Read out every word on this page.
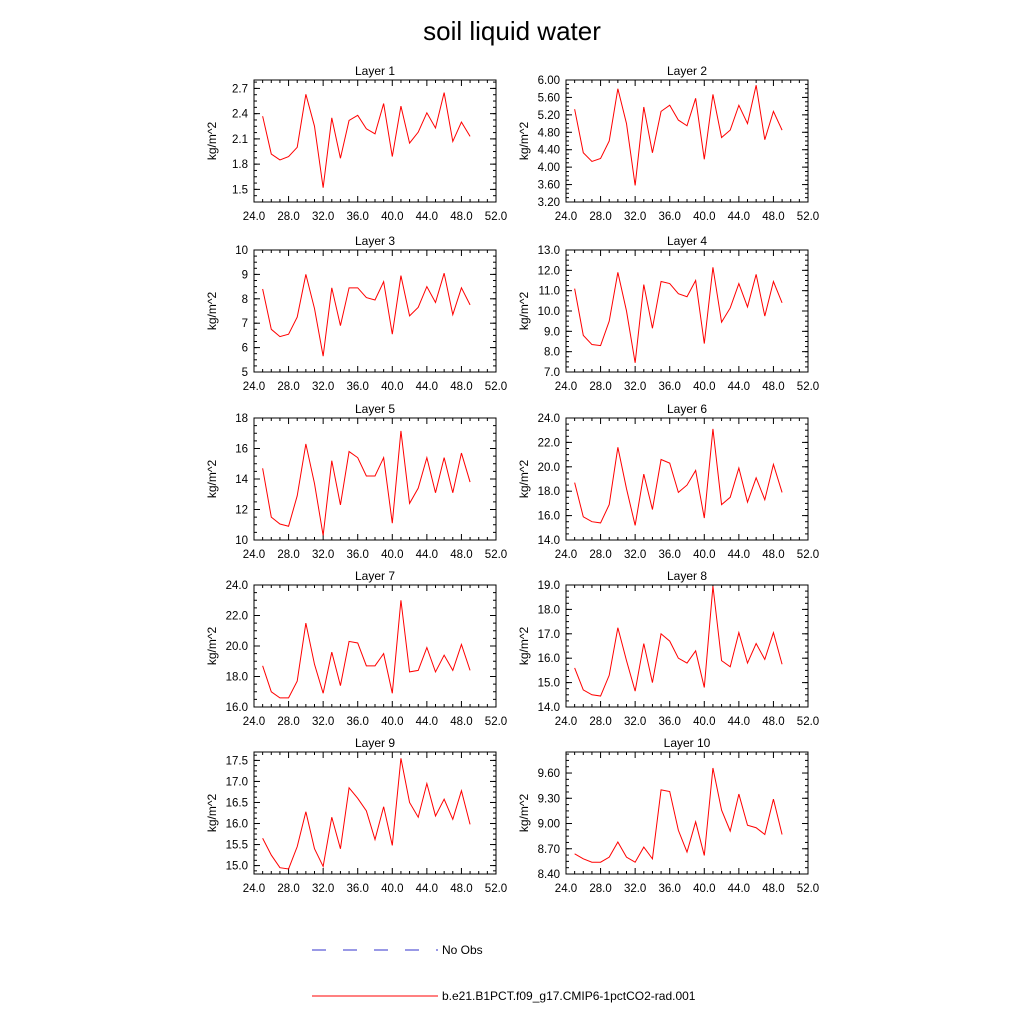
soil liquid water
Layer 1
kg/m^2
24.0 28.0 32.0 36.0 40.0 44.0 48.0 52.0
1.5
1.8
2.1
2.4
2.7
Layer 2
kg/m^2
24.0 28.0 32.0 36.0 40.0 44.0 48.0 52.0
3.20
3.60
4.00
4.40
4.80
5.20
5.60
6.00
Layer 3
kg/m^2
24.0 28.0 32.0 36.0 40.0 44.0 48.0 52.0
5
6
7
8
9
10
Layer 4
kg/m^2
24.0 28.0 32.0 36.0 40.0 44.0 48.0 52.0
7.0
8.0
9.0
10.0
11.0
12.0
13.0
Layer 5
kg/m^2
24.0 28.0 32.0 36.0 40.0 44.0 48.0 52.0
10
12
14
16
18
Layer 6
kg/m^2
24.0 28.0 32.0 36.0 40.0 44.0 48.0 52.0
14.0
16.0
18.0
20.0
22.0
24.0
Layer 7
kg/m^2
24.0 28.0 32.0 36.0 40.0 44.0 48.0 52.0
16.0
18.0
20.0
22.0
24.0
Layer 8
kg/m^2
24.0 28.0 32.0 36.0 40.0 44.0 48.0 52.0
14.0
15.0
16.0
17.0
18.0
19.0
Layer 9
kg/m^2
24.0 28.0 32.0 36.0 40.0 44.0 48.0 52.0
15.0
15.5
16.0
16.5
17.0
17.5
Layer 10
kg/m^2
24.0 28.0 32.0 36.0 40.0 44.0 48.0 52.0
8.40
8.70
9.00
9.30
9.60
No Obs
b.e21.B1PCT.f09_g17.CMIP6-1pctCO2-rad.001
